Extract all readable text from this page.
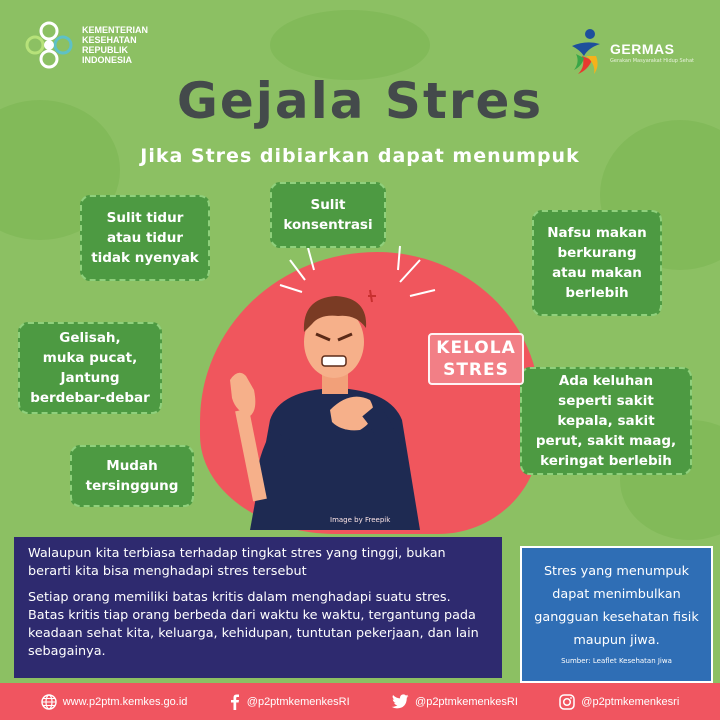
KEMENTERIAN
KESEHATAN
REPUBLIK
INDONESIA
GERMAS
Gerakan Masyarakat Hidup Sehat
Gejala Stres
Jika Stres dibiarkan dapat menumpuk
Sulit tidur
atau tidur
tidak nyenyak
Sulit
konsentrasi	Nafsu makan
berkurang
atau makan
berlebih
Gelisah,
muka pucat,
Jantung
berdebar-debar
Ada keluhan
seperti sakit
kepala, sakit
perut, sakit maag,
keringat berlebih
Mudah
tersinggung
KELOLA
STRES
Image by Freepik

Walaupun kita terbiasa terhadap tingkat stres yang tinggi, bukan berarti kita bisa menghadapi stres tersebut

Setiap orang memiliki batas kritis dalam menghadapi suatu stres. Batas kritis tiap orang berbeda dari waktu ke waktu, tergantung pada keadaan sehat kita, keluarga, kehidupan, tuntutan pekerjaan, dan lain sebagainya.

Stres yang menumpuk dapat menimbulkan gangguan kesehatan fisik maupun jiwa.
Sumber: Leaflet Kesehatan Jiwa
www.p2ptm.kemkes.go.id	@p2ptmkemenkesRI	@p2ptmkemenkesRI	@p2ptmkemenkesri
